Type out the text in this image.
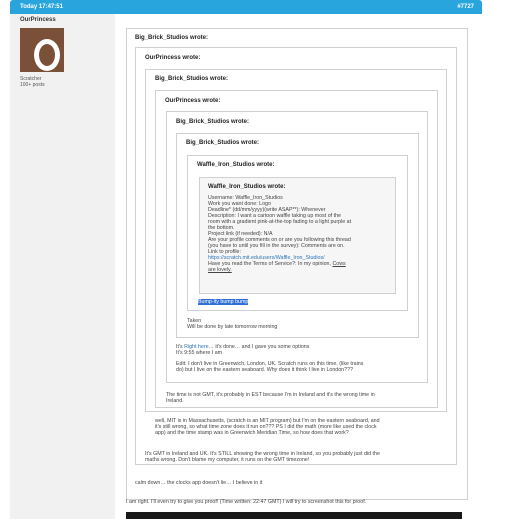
Today 17:47:51	#7727
OurPrincess
Scratcher
100+ posts
Big_Brick_Studios wrote:
OurPrincess wrote:
Big_Brick_Studios wrote:
OurPrincess wrote:
Big_Brick_Studios wrote:
Big_Brick_Studios wrote:
Waffle_Iron_Studios wrote:
Waffle_Iron_Studios wrote:
Username: Waffle_Iron_Studios
Work you want done: Logo
Deadline* (dd/mm/yyyy)(write ASAP**): Whenever
Description: I want a cartoon waffle taking up most of the
room with a gradient pink-at-the-top fading to a light purple at
the bottom.
Project link (if needed): N/A
Are your profile comments on or are you following this thread
(you have to until you fill in the survey): Comments are on.
Link to profile:
https://scratch.mit.edu/users/Waffle_Iron_Studios/
Have you read the Terms of Service?: In my opinion, Cows
are lovely.
Bump-ity bump bump
Taken
Will be done by late tomorrow morning
It's Right here… it's done… and I gave you some options
It's 9:55 where I am
Edit: I don't live in Greenwich, London, UK. Scratch runs on this time, (like trains
do) but I live on the eastern seaboard. Why does it think I live in London???
The time is not GMT, it's probably in EST because I'm in Ireland and it's the wrong time in
Ireland.
well, MIT is in Massachusetts, (scratch is an MIT program) but I'm on the eastern seaboard, and
it's still wrong, so what time zone does it run on??? PS I did the math (more like used the clock
app) and the time stamp was in Greenwich Meridian Time, so how does that work?
It's GMT in Ireland and UK. It's STILL showing the wrong time in Ireland, so you probably just did the
maths wrong. Don't blame my computer, it runs on the GMT timezone!
calm down… the clocks app doesn't lie… I believe in it
I am right. I'll even try to give you proof! (Time written: 22:47 GMT) I will try to screenshot this for proof.
